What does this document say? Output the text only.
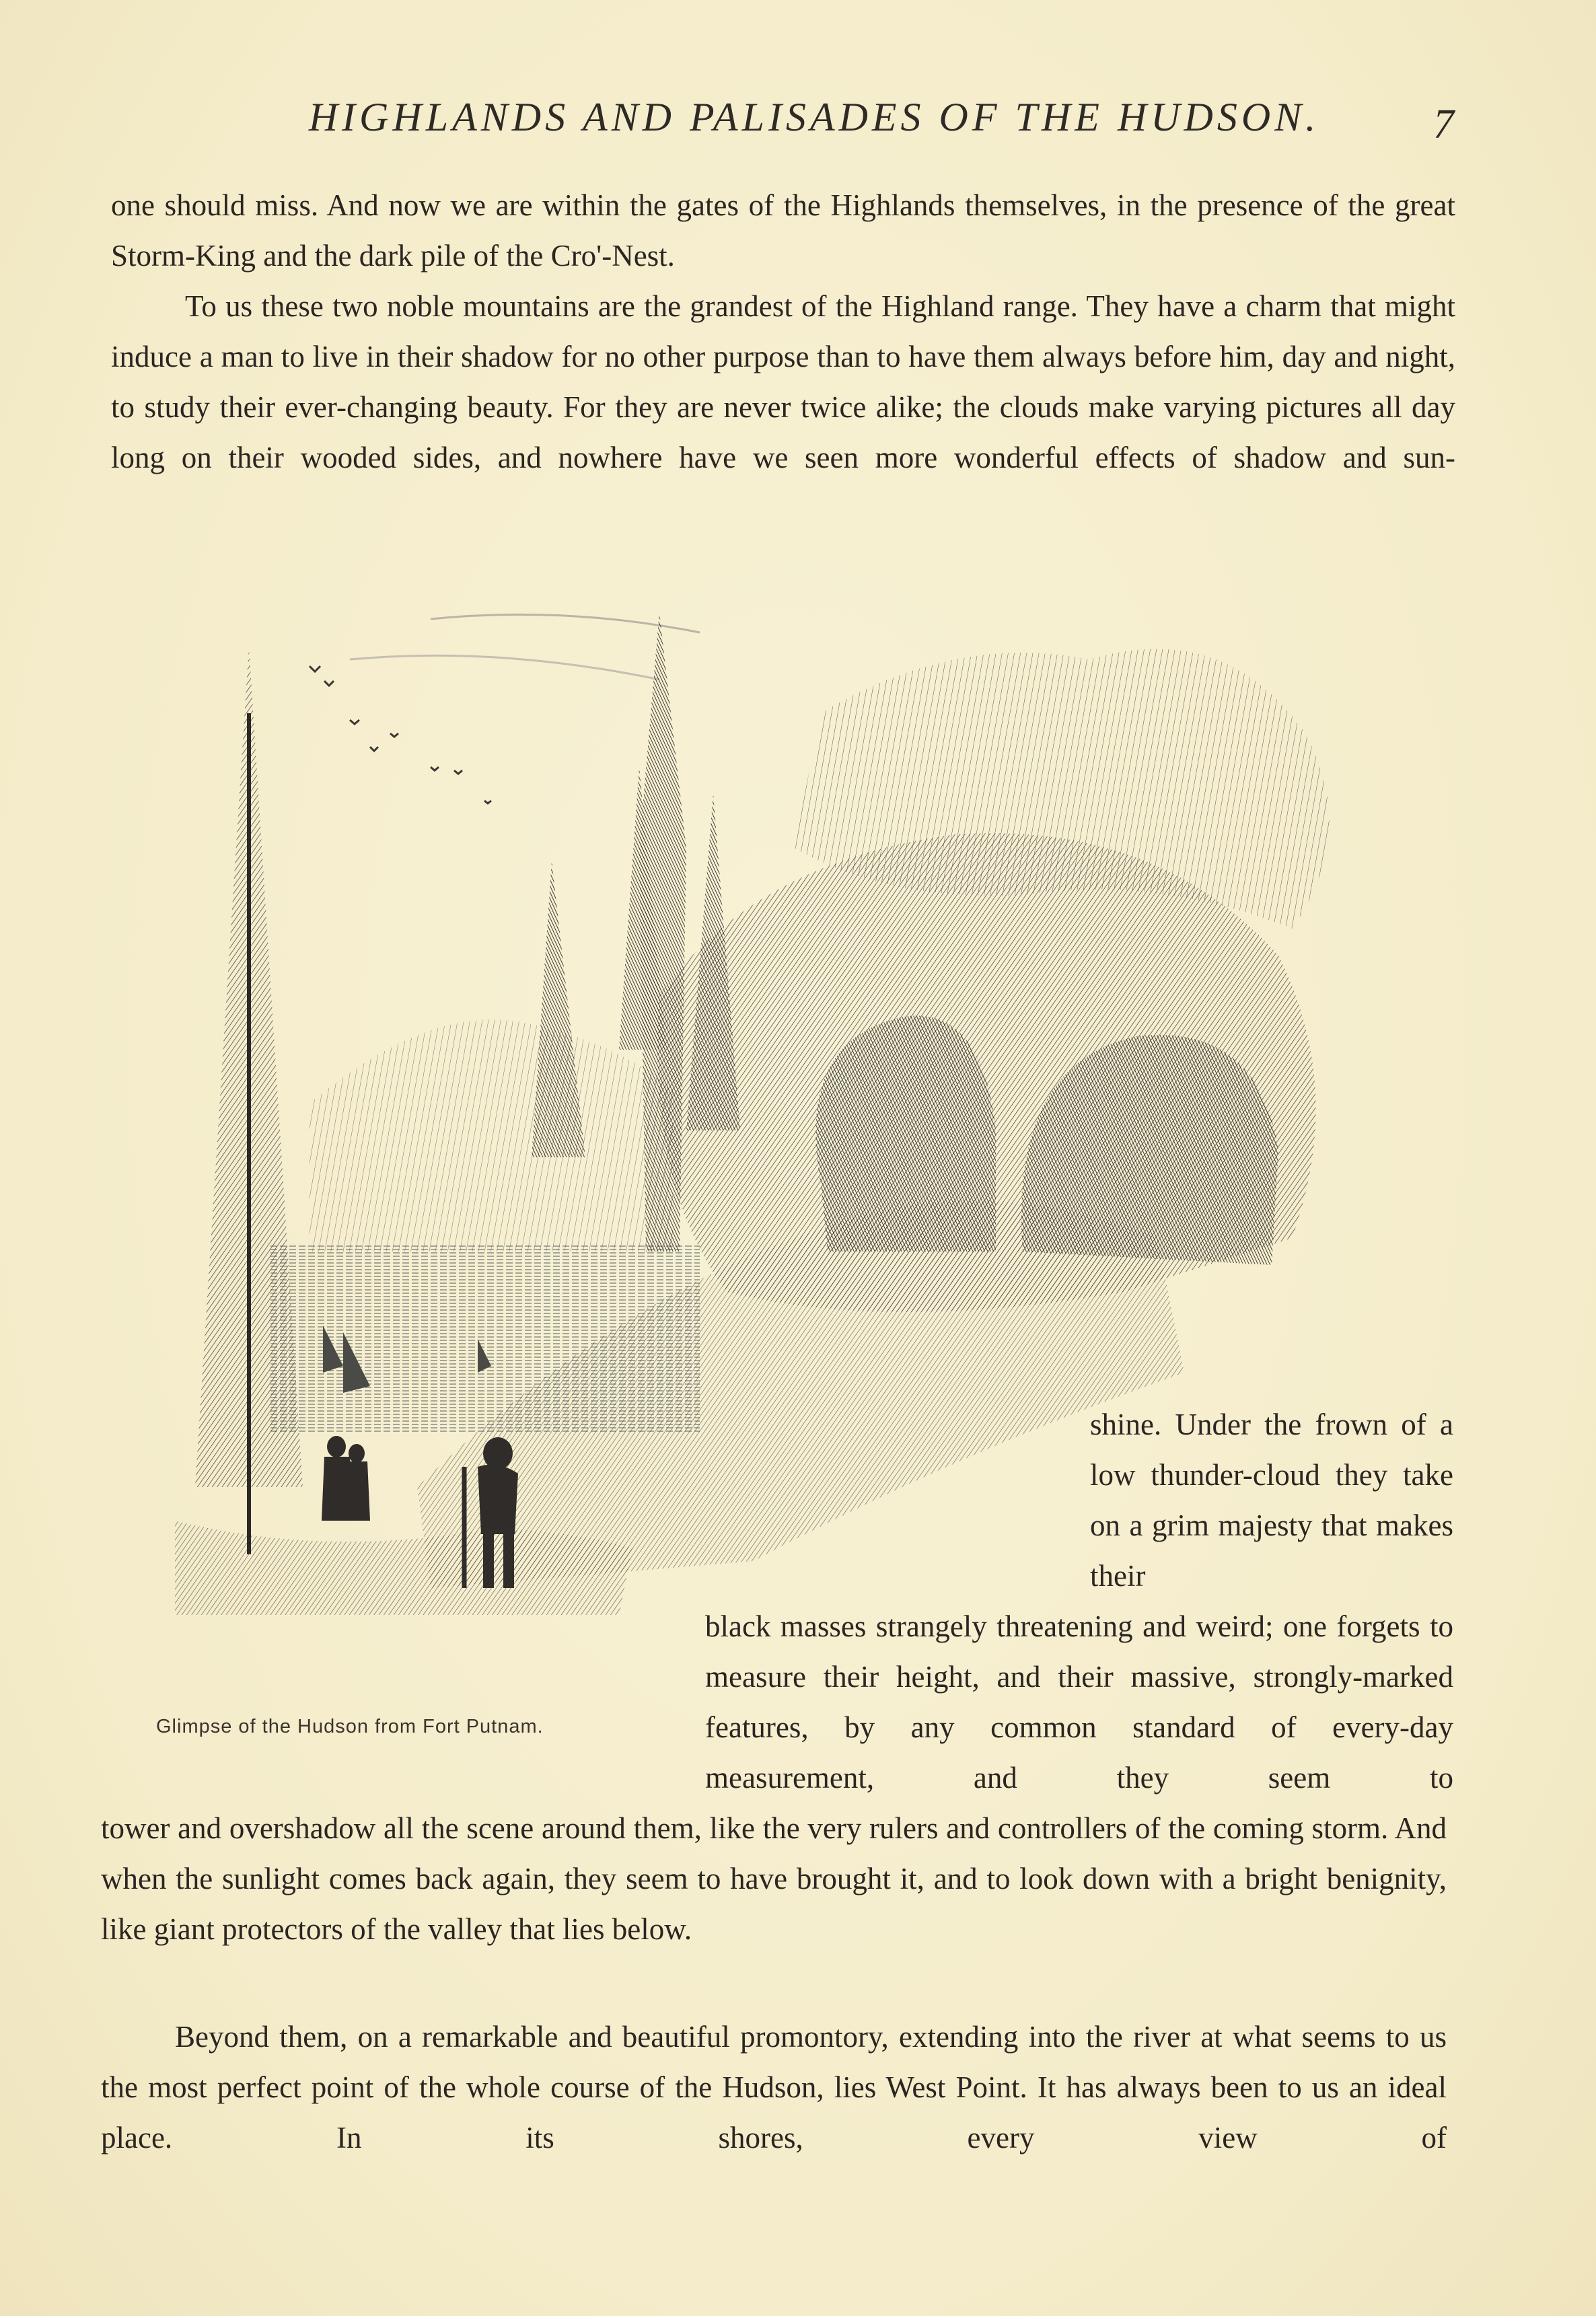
HIGHLANDS AND PALISADES OF THE HUDSON.	7

one should miss. And now we are within the gates of the Highlands themselves, in the presence of the great Storm-King and the dark pile of the Cro'-Nest.

To us these two noble mountains are the grandest of the Highland range. They have a charm that might induce a man to live in their shadow for no other purpose than to have them always before him, day and night, to study their ever-changing beauty. For they are never twice alike; the clouds make varying pictures all day long on their wooded sides, and nowhere have we seen more wonderful effects of shadow and sun-

Glimpse of the Hudson from Fort Putnam.

shine. Under the frown of a low thunder-cloud they take on a grim majesty that makes their

black masses strangely threatening and weird; one forgets to measure their height, and their massive, strongly-marked features, by any common standard of every-day measurement, and they seem to

tower and overshadow all the scene around them, like the very rulers and controllers of the coming storm. And when the sunlight comes back again, they seem to have brought it, and to look down with a bright benignity, like giant protectors of the valley that lies below.

Beyond them, on a remarkable and beautiful promontory, extending into the river at what seems to us the most perfect point of the whole course of the Hudson, lies West Point. It has always been to us an ideal place. In its shores, every view of
